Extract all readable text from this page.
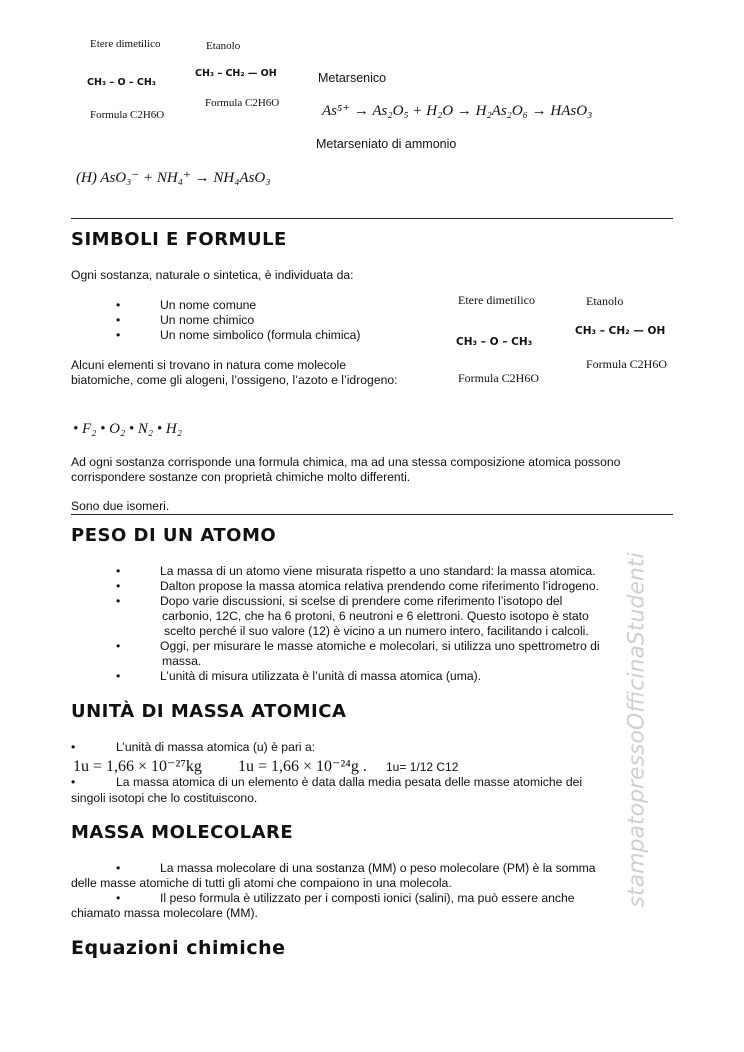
Etere dimetilico
CH₃ – O – CH₃
Formula C2H6O
Etanolo
CH₃ – CH₂ — OH
Formula C2H6O
Metarsenico
As⁵⁺ → As₂O₅ + H₂O → H₂As₂O₆ → HAsO₃
Metarseniato di ammonio
(H) AsO₃⁻ + NH₄⁺ → NH₄AsO₃
SIMBOLI E FORMULE
Ogni sostanza, naturale o sintetica, è individuata da:
•	Un nome comune
•	Un nome chimico
•	Un nome simbolico (formula chimica)
Alcuni elementi si trovano in natura come molecole biatomiche, come gli alogeni, l’ossigeno, l’azoto e l’idrogeno:
Etere dimetilico
CH₃ – O – CH₃
Formula C2H6O
Etanolo
CH₃ – CH₂ — OH
Formula C2H6O
• F₂ • O₂ • N₂ • H₂
Ad ogni sostanza corrisponde una formula chimica, ma ad una stessa composizione atomica possono corrispondere sostanze con proprietà chimiche molto differenti.
Sono due isomeri.
PESO DI UN ATOMO
•	La massa di un atomo viene misurata rispetto a uno standard: la massa atomica.
•	Dalton propose la massa atomica relativa prendendo come riferimento l’idrogeno.
•	Dopo varie discussioni, si scelse di prendere come riferimento l’isotopo del
carbonio, 12C, che ha 6 protoni, 6 neutroni e 6 elettroni. Questo isotopo è stato
scelto perché il suo valore (12) è vicino a un numero intero, facilitando i calcoli.
•	Oggi, per misurare le masse atomiche e molecolari, si utilizza uno spettrometro di
massa.
•	L’unità di misura utilizzata è l’unità di massa atomica (uma).
UNITÀ DI MASSA ATOMICA
•	L’unità di massa atomica (u) è pari a:
1u = 1,66 × 10⁻²⁷kg 1u = 1,66 × 10⁻²⁴g . 1u= 1/12 C12
•	La massa atomica di un elemento è data dalla media pesata delle masse atomiche dei
singoli isotopi che lo costituiscono.
MASSA MOLECOLARE
•	La massa molecolare di una sostanza (MM) o peso molecolare (PM) è la somma
delle masse atomiche di tutti gli atomi che compaiono in una molecola.
•	Il peso formula è utilizzato per i composti ionici (salini), ma può essere anche
chiamato massa molecolare (MM).
Equazioni chimiche
stampatopressoOfficinaStudenti
